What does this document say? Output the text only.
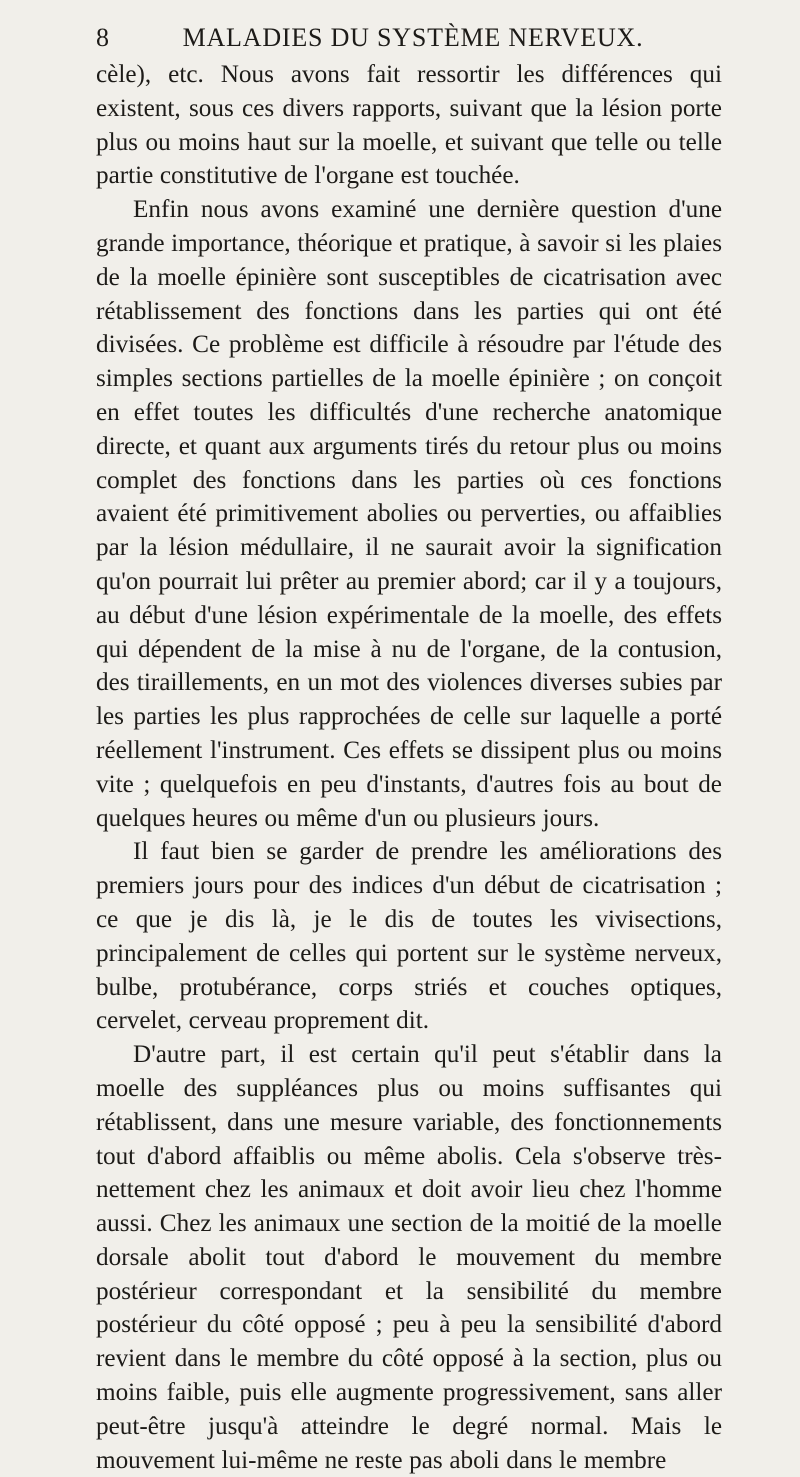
8	MALADIES DU SYSTÈME NERVEUX.

cèle), etc. Nous avons fait ressortir les différences qui existent, sous ces divers rapports, suivant que la lésion porte plus ou moins haut sur la moelle, et suivant que telle ou telle partie constitutive de l'organe est touchée.

Enfin nous avons examiné une dernière question d'une grande importance, théorique et pratique, à savoir si les plaies de la moelle épinière sont susceptibles de cicatrisation avec rétablissement des fonctions dans les parties qui ont été divisées. Ce problème est difficile à résoudre par l'étude des simples sections partielles de la moelle épinière ; on conçoit en effet toutes les difficultés d'une recherche anatomique directe, et quant aux arguments tirés du retour plus ou moins complet des fonctions dans les parties où ces fonctions avaient été primitivement abolies ou perverties, ou affaiblies par la lésion médullaire, il ne saurait avoir la signification qu'on pourrait lui prêter au premier abord; car il y a toujours, au début d'une lésion expérimentale de la moelle, des effets qui dépendent de la mise à nu de l'organe, de la contusion, des tiraillements, en un mot des violences diverses subies par les parties les plus rapprochées de celle sur laquelle a porté réellement l'instrument. Ces effets se dissipent plus ou moins vite ; quelquefois en peu d'instants, d'autres fois au bout de quelques heures ou même d'un ou plusieurs jours.

Il faut bien se garder de prendre les améliorations des premiers jours pour des indices d'un début de cicatrisation ; ce que je dis là, je le dis de toutes les vivisections, principalement de celles qui portent sur le système nerveux, bulbe, protubérance, corps striés et couches optiques, cervelet, cerveau proprement dit.

D'autre part, il est certain qu'il peut s'établir dans la moelle des suppléances plus ou moins suffisantes qui rétablissent, dans une mesure variable, des fonctionnements tout d'abord affaiblis ou même abolis. Cela s'observe très-nettement chez les animaux et doit avoir lieu chez l'homme aussi. Chez les animaux une section de la moitié de la moelle dorsale abolit tout d'abord le mouvement du membre postérieur correspondant et la sensibilité du membre postérieur du côté opposé ; peu à peu la sensibilité d'abord revient dans le membre du côté opposé à la section, plus ou moins faible, puis elle augmente progressivement, sans aller peut-être jusqu'à atteindre le degré normal. Mais le mouvement lui-même ne reste pas aboli dans le membre
